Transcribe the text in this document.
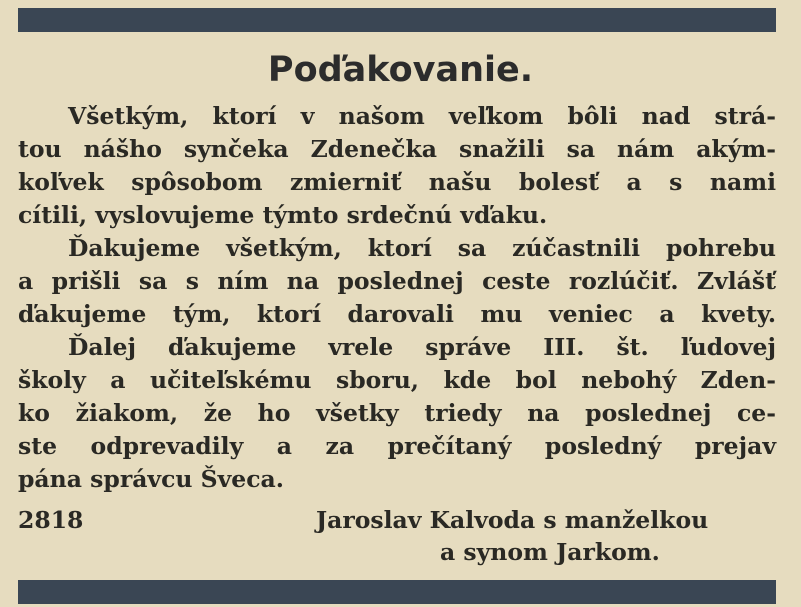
Poďakovanie.
Všetkým, ktorí v našom veľkom bôli nad strá-
tou nášho synčeka Zdenečka snažili sa nám akým-
koľvek spôsobom zmierniť našu bolesť a s nami
cítili, vyslovujeme týmto srdečnú vďaku.
Ďakujeme všetkým, ktorí sa zúčastnili pohrebu
a prišli sa s ním na poslednej ceste rozlúčiť. Zvlášť
ďakujeme tým, ktorí darovali mu veniec a kvety.
Ďalej ďakujeme vrele správe III. št. ľudovej
školy a učiteľskému sboru, kde bol nebohý Zden-
ko žiakom, že ho všetky triedy na poslednej ce-
ste odprevadily a za prečítaný posledný prejav
pána správcu Šveca.
2818	Jaroslav Kalvoda s manželkou
a synom Jarkom.
